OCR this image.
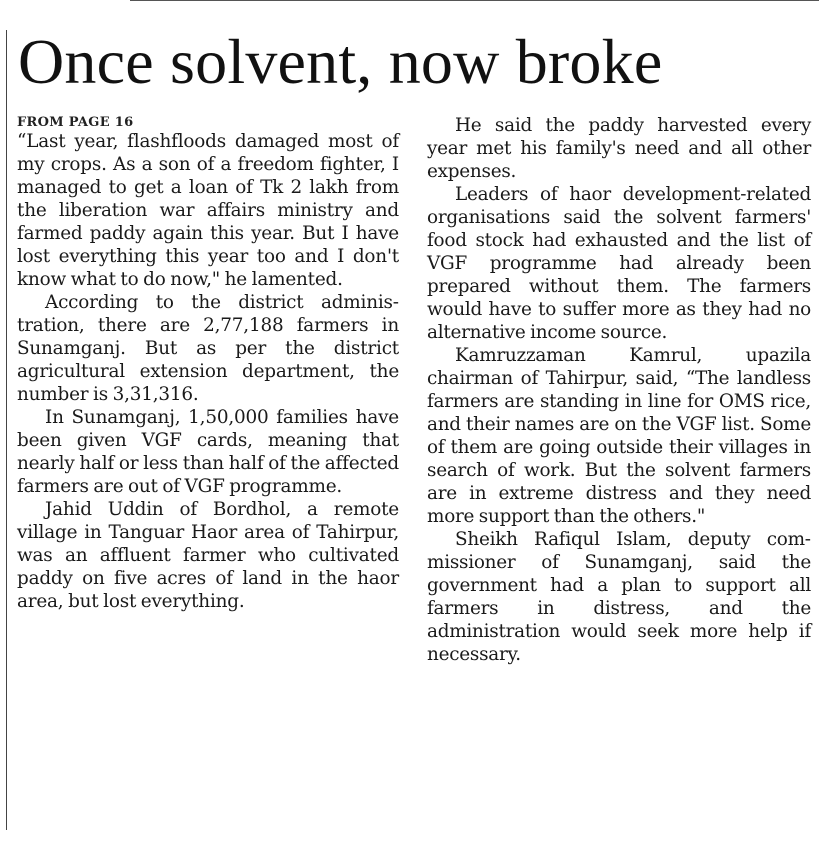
Once solvent, now broke
FROM PAGE 16

“Last year, flashfloods damaged most of my crops. As a son of a freedom fighter, I managed to get a loan of Tk 2 lakh from the liberation war affairs ministry and farmed paddy again this year. But I have lost everything this year too and I don't know what to do now," he lamented.

According to the district administration, there are 2,77,188 farmers in Sunamganj. But as per the district agricultural extension department, the number is 3,31,316.

In Sunamganj, 1,50,000 families have been given VGF cards, meaning that nearly half or less than half of the affected farmers are out of VGF programme.

Jahid Uddin of Bordhol, a remote village in Tanguar Haor area of Tahirpur, was an affluent farmer who cultivated paddy on five acres of land in the haor area, but lost everything.

He said the paddy harvested every year met his family's need and all other expenses.

Leaders of haor development-related organisations said the solvent farmers' food stock had exhausted and the list of VGF programme had already been prepared without them. The farmers would have to suffer more as they had no alternative income source.

Kamruzzaman Kamrul, upazila chairman of Tahirpur, said, “The landless farmers are standing in line for OMS rice, and their names are on the VGF list. Some of them are going outside their villages in search of work. But the solvent farmers are in extreme distress and they need more support than the others."

Sheikh Rafiqul Islam, deputy commissioner of Sunamganj, said the government had a plan to support all farmers in distress, and the administration would seek more help if necessary.
